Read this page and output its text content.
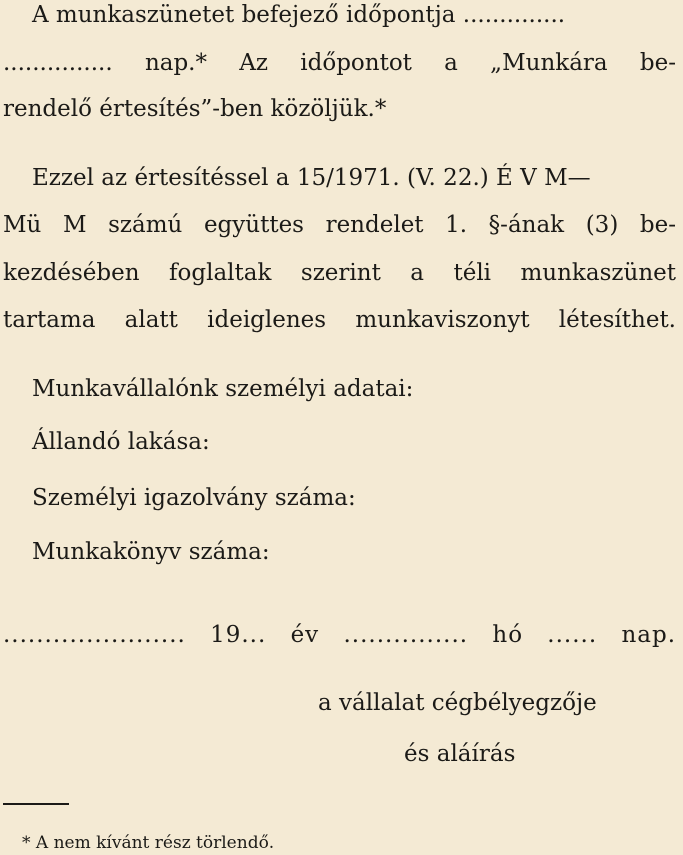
A munkaszünetet befejező időpontja ..............
............... nap.* Az időpontot a „Munkára be-
rendelő értesítés”-ben közöljük.*
Ezzel az értesítéssel a 15/1971. (V. 22.) É V M—
Mü M számú együttes rendelet 1. §-ának (3) be-
kezdésében foglaltak szerint a téli munkaszünet
tartama alatt ideiglenes munkaviszonyt létesíthet.
Munkavállalónk személyi adatai:
Állandó lakása:
Személyi igazolvány száma:
Munkakönyv száma:
...................... 19... év ............... hó ...... nap.
a vállalat cégbélyegzője
és aláírás
* A nem kívánt rész törlendő.
